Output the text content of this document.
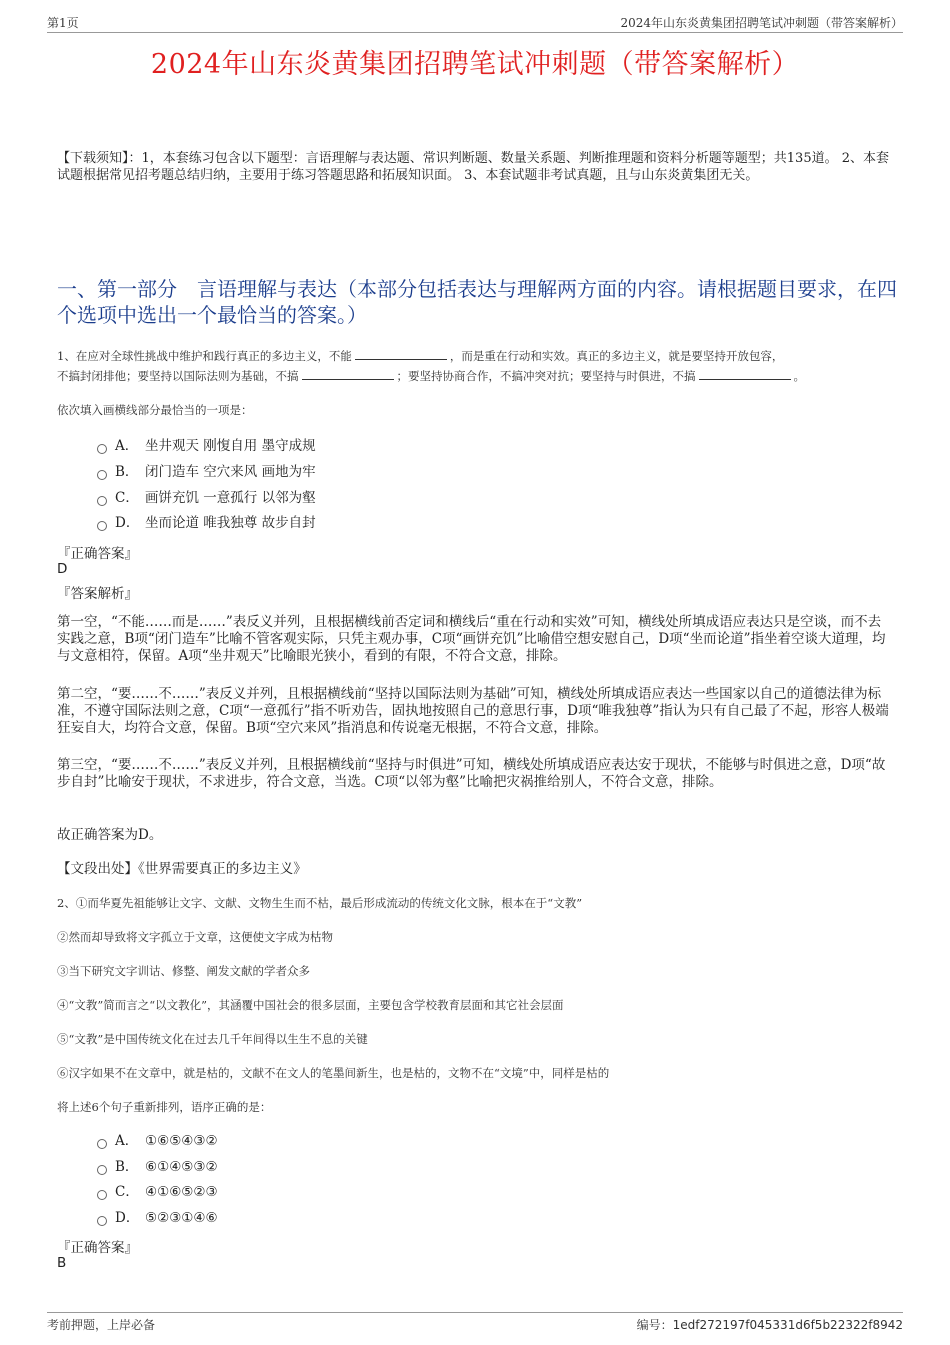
第1页	2024年山东炎黄集团招聘笔试冲刺题（带答案解析）
2024年山东炎黄集团招聘笔试冲刺题（带答案解析）
【下载须知】：1，本套练习包含以下题型：言语理解与表达题、常识判断题、数量关系题、判断推理题和资料分析题等题型；共135道。 2、本套试题根据常见招考题总结归纳，主要用于练习答题思路和拓展知识面。 3、本套试题非考试真题，且与山东炎黄集团无关。
一、第一部分　言语理解与表达（本部分包括表达与理解两方面的内容。请根据题目要求，在四个选项中选出一个最恰当的答案。）
1、在应对全球性挑战中维护和践行真正的多边主义，不能	，而是重在行动和实效。真正的多边主义，就是要坚持开放包容，
不搞封闭排他；要坚持以国际法则为基础，不搞	；要坚持协商合作，不搞冲突对抗；要坚持与时俱进，不搞	。
依次填入画横线部分最恰当的一项是：
A． 坐井观天 刚愎自用 墨守成规
B． 闭门造车 空穴来风 画地为牢
C． 画饼充饥 一意孤行 以邻为壑
D． 坐而论道 唯我独尊 故步自封
『正确答案』
D
『答案解析』
第一空，“不能……而是……”表反义并列，且根据横线前否定词和横线后“重在行动和实效”可知，横线处所填成语应表达只是空谈，而不去实践之意，B项“闭门造车”比喻不管客观实际，只凭主观办事，C项“画饼充饥”比喻借空想安慰自己，D项“坐而论道”指坐着空谈大道理，均与文意相符，保留。A项“坐井观天”比喻眼光狭小，看到的有限，不符合文意，排除。
第二空，“要……不……”表反义并列，且根据横线前“坚持以国际法则为基础”可知，横线处所填成语应表达一些国家以自己的道德法律为标准，不遵守国际法则之意，C项“一意孤行”指不听劝告，固执地按照自己的意思行事，D项“唯我独尊”指认为只有自己最了不起，形容人极端狂妄自大，均符合文意，保留。B项“空穴来风”指消息和传说毫无根据，不符合文意，排除。
第三空，“要……不……”表反义并列，且根据横线前“坚持与时俱进”可知，横线处所填成语应表达安于现状，不能够与时俱进之意，D项“故步自封”比喻安于现状，不求进步，符合文意，当选。C项“以邻为壑”比喻把灾祸推给别人，不符合文意，排除。
故正确答案为D。
【文段出处】《世界需要真正的多边主义》
2、①而华夏先祖能够让文字、文献、文物生生而不枯，最后形成流动的传统文化文脉，根本在于“文教”
②然而却导致将文字孤立于文章，这便使文字成为枯物
③当下研究文字训诂、修整、阐发文献的学者众多
④“文教”简而言之“以文教化”，其涵覆中国社会的很多层面，主要包含学校教育层面和其它社会层面
⑤“文教”是中国传统文化在过去几千年间得以生生不息的关键
⑥汉字如果不在文章中，就是枯的，文献不在文人的笔墨间新生，也是枯的，文物不在“文境”中，同样是枯的
将上述6个句子重新排列，语序正确的是：
A． ①⑥⑤④③②
B． ⑥①④⑤③②
C． ④①⑥⑤②③
D． ⑤②③①④⑥
『正确答案』
B
考前押题，上岸必备	编号：1edf272197f045331d6f5b22322f8942
